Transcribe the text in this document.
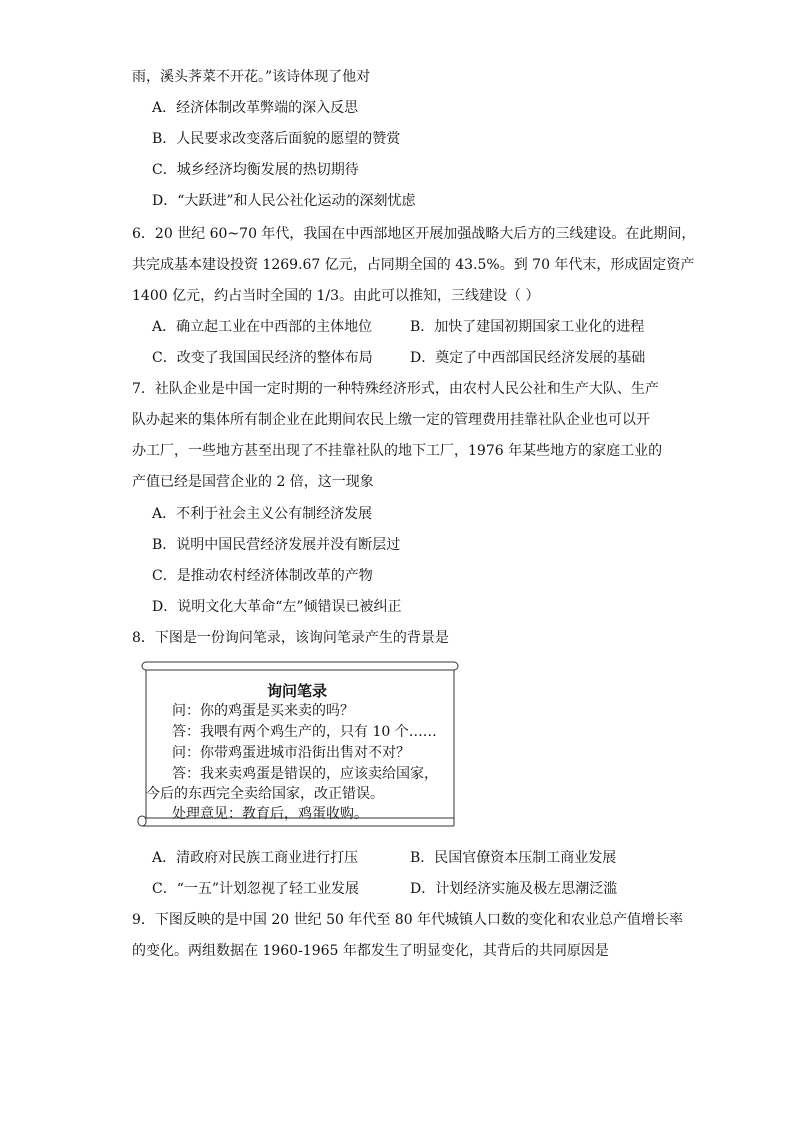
雨，溪头荠菜不开花。”该诗体现了他对
A．经济体制改革弊端的深入反思
B．人民要求改变落后面貌的愿望的赞赏
C．城乡经济均衡发展的热切期待
D．“大跃进”和人民公社化运动的深刻忧虑
6．20 世纪 60~70 年代，我国在中西部地区开展加强战略大后方的三线建设。在此期间，
共完成基本建设投资 1269.67 亿元，占同期全国的 43.5%。到 70 年代末，形成固定资产
1400 亿元，约占当时全国的 1/3。由此可以推知，三线建设（ ）
A．确立起工业在中西部的主体地位	B．加快了建国初期国家工业化的进程
C．改变了我国国民经济的整体布局	D．奠定了中西部国民经济发展的基础
7．社队企业是中国一定时期的一种特殊经济形式，由农村人民公社和生产大队、生产
队办起来的集体所有制企业在此期间农民上缴一定的管理费用挂靠社队企业也可以开
办工厂，一些地方甚至出现了不挂靠社队的地下工厂，1976 年某些地方的家庭工业的
产值已经是国营企业的 2 倍，这一现象
A．不利于社会主义公有制经济发展
B．说明中国民营经济发展并没有断层过
C．是推动农村经济体制改革的产物
D．说明文化大革命“左”倾错误已被纠正
8．下图是一份询问笔录，该询问笔录产生的背景是
询问笔录
问：你的鸡蛋是买来卖的吗？
答：我喂有两个鸡生产的，只有 10 个……
问：你带鸡蛋进城市沿街出售对不对？
答：我来卖鸡蛋是错误的，应该卖给国家，
今后的东西完全卖给国家，改正错误。
处理意见：教育后，鸡蛋收购。
A．清政府对民族工商业进行打压	B．民国官僚资本压制工商业发展
C．“一五”计划忽视了轻工业发展	D．计划经济实施及极左思潮泛滥
9．下图反映的是中国 20 世纪 50 年代至 80 年代城镇人口数的变化和农业总产值增长率
的变化。两组数据在 1960-1965 年都发生了明显变化，其背后的共同原因是
